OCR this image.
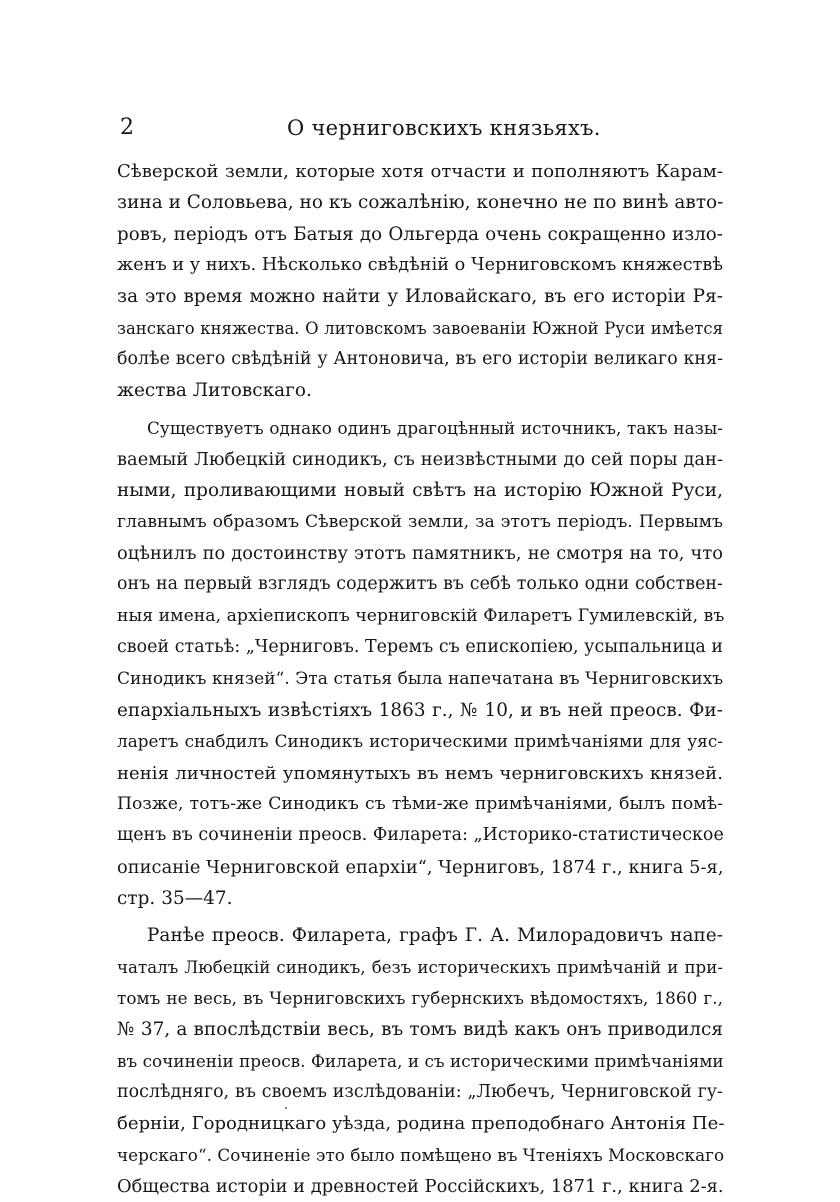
2	О черниговскихъ князьяхъ.
Сѣверской земли, которые хотя отчасти и пополняютъ Карам-
зина и Соловьева, но къ сожалѣнію, конечно не по винѣ авто-
ровъ, періодъ отъ Батыя до Ольгерда очень сокращенно изло-
женъ и у нихъ. Нѣсколько свѣдѣній о Черниговскомъ княжествѣ
за это время можно найти у Иловайскаго, въ его исторіи Ря-
занскаго княжества. О литовскомъ завоеваніи Южной Руси имѣется
болѣе всего свѣдѣній у Антоновича, въ его исторіи великаго кня-
жества Литовскаго.
Существуетъ однако одинъ драгоцѣнный источникъ, такъ назы-
ваемый Любецкій синодикъ, съ неизвѣстными до сей поры дан-
ными, проливающими новый свѣтъ на исторію Южной Руси,
главнымъ образомъ Сѣверской земли, за этотъ періодъ. Первымъ
оцѣнилъ по достоинству этотъ памятникъ, не смотря на то, что
онъ на первый взглядъ содержитъ въ себѣ только одни собствен-
ныя имена, архіепископъ черниговскій Филаретъ Гумилевскій, въ
своей статьѣ: „Черниговъ. Теремъ съ епископіею, усыпальница и
Синодикъ князей“. Эта статья была напечатана въ Черниговскихъ
епархіальныхъ извѣстіяхъ 1863 г., № 10, и въ ней преосв. Фи-
ларетъ снабдилъ Синодикъ историческими примѣчаніями для уяс-
ненія личностей упомянутыхъ въ немъ черниговскихъ князей.
Позже, тотъ-же Синодикъ съ тѣми-же примѣчаніями, былъ помѣ-
щенъ въ сочиненіи преосв. Филарета: „Историко-статистическое
описаніе Черниговской епархіи“, Черниговъ, 1874 г., книга 5-я,
стр. 35—47.
Ранѣе преосв. Филарета, графъ Г. А. Милорадовичъ напе-
чаталъ Любецкій синодикъ, безъ историческихъ примѣчаній и при-
томъ не весь, въ Черниговскихъ губернскихъ вѣдомостяхъ, 1860 г.,
№ 37, а впослѣдствіи весь, въ томъ видѣ какъ онъ приводился
въ сочиненіи преосв. Филарета, и съ историческими примѣчаніями
послѣдняго, въ своемъ изслѣдованіи: „Любечъ, Черниговской гу-
берніи, Городницкаго уѣзда, родина преподобнаго Антонія Пе-
черскаго“. Сочиненіе это было помѣщено въ Чтеніяхъ Московскаго
Общества исторіи и древностей Россійскихъ, 1871 г., книга 2-я.
